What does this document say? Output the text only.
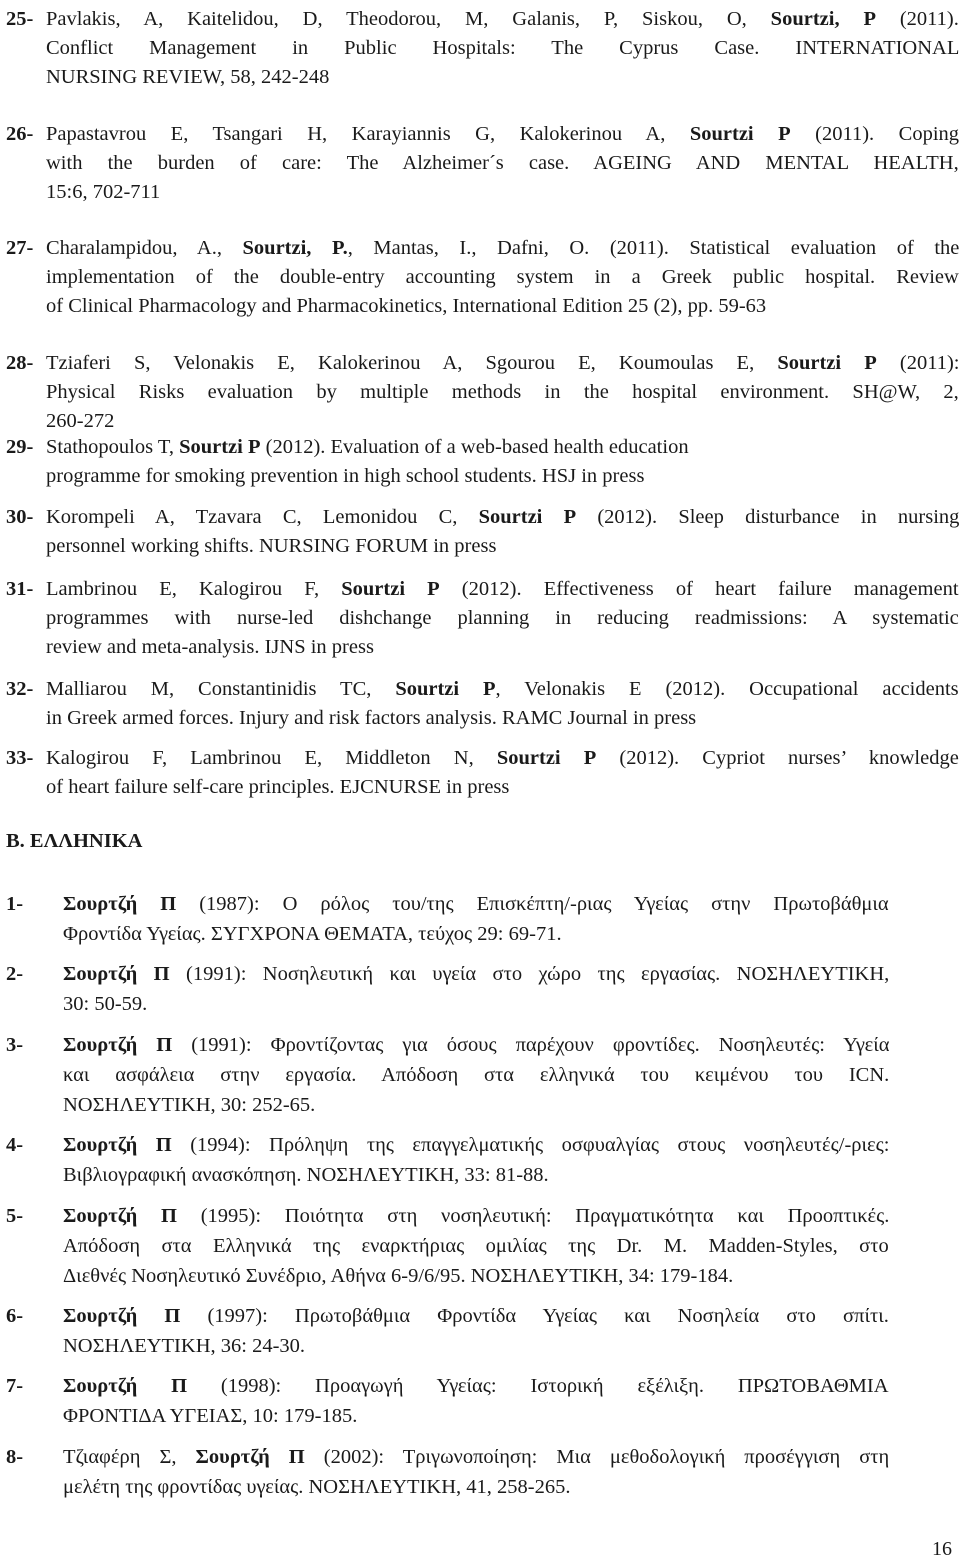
25- Pavlakis, A, Kaitelidou, D, Theodorou, M, Galanis, P, Siskou, O, Sourtzi, P (2011).
Conflict Management in Public Hospitals: The Cyprus Case. INTERNATIONAL
NURSING REVIEW, 58, 242-248
26- Papastavrou E, Tsangari H, Karayiannis G, Kalokerinou A, Sourtzi P (2011). Coping
with the burden of care: The Alzheimer´s case. AGEING AND MENTAL HEALTH,
15:6, 702-711
27- Charalampidou, A., Sourtzi, P., Mantas, I., Dafni, O. (2011). Statistical evaluation of the
implementation of the double-entry accounting system in a Greek public hospital. Review
of Clinical Pharmacology and Pharmacokinetics, International Edition 25 (2), pp. 59-63
28- Tziaferi S, Velonakis E, Kalokerinou A, Sgourou E, Koumoulas E, Sourtzi P (2011):
Physical Risks evaluation by multiple methods in the hospital environment. SH@W, 2,
260-272
29- Stathopoulos T, Sourtzi P (2012). Evaluation of a web-based health education
programme for smoking prevention in high school students. HSJ in press
30- Korompeli A, Tzavara C, Lemonidou C, Sourtzi P (2012). Sleep disturbance in nursing
personnel working shifts. NURSING FORUM in press
31- Lambrinou E, Kalogirou F, Sourtzi P (2012). Effectiveness of heart failure management
programmes with nurse-led dishchange planning in reducing readmissions: A systematic
review and meta-analysis. IJNS in press
32- Malliarou M, Constantinidis TC, Sourtzi P, Velonakis E (2012). Occupational accidents
in Greek armed forces. Injury and risk factors analysis. RAMC Journal in press
33- Kalogirou F, Lambrinou E, Middleton N, Sourtzi P (2012). Cypriot nurses’ knowledge
of heart failure self-care principles. EJCNURSE in press
Β. ΕΛΛΗΝΙΚΑ
1- Σουρτζή Π (1987): Ο ρόλος του/της Επισκέπτη/-ριας Υγείας στην Πρωτοβάθμια
Φροντίδα Υγείας. ΣΥΓΧΡΟΝΑ ΘΕΜΑΤΑ, τεύχος 29: 69-71.
2- Σουρτζή Π (1991): Νοσηλευτική και υγεία στο χώρο της εργασίας. ΝΟΣΗΛΕΥΤΙΚΗ,
30: 50-59.
3- Σουρτζή Π (1991): Φροντίζοντας για όσους παρέχουν φροντίδες. Νοσηλευτές: Υγεία
και ασφάλεια στην εργασία. Απόδοση στα ελληνικά του κειμένου του ICN.
ΝΟΣΗΛΕΥΤΙΚΗ, 30: 252-65.
4- Σουρτζή Π (1994): Πρόληψη της επαγγελματικής οσφυαλγίας στους νοσηλευτές/-ριες:
Βιβλιογραφική ανασκόπηση. ΝΟΣΗΛΕΥΤΙΚΗ, 33: 81-88.
5- Σουρτζή Π (1995): Ποιότητα στη νοσηλευτική: Πραγματικότητα και Προοπτικές.
Απόδοση στα Ελληνικά της εναρκτήριας ομιλίας της Dr. M. Madden-Styles, στο
Διεθνές Νοσηλευτικό Συνέδριο, Αθήνα 6-9/6/95. ΝΟΣΗΛΕΥΤΙΚΗ, 34: 179-184.
6- Σουρτζή Π (1997): Πρωτοβάθμια Φροντίδα Υγείας και Νοσηλεία στο σπίτι.
ΝΟΣΗΛΕΥΤΙΚΗ, 36: 24-30.
7- Σουρτζή Π (1998): Προαγωγή Υγείας: Ιστορική εξέλιξη. ΠΡΩΤΟΒΑΘΜΙΑ
ΦΡΟΝΤΙΔΑ ΥΓΕΙΑΣ, 10: 179-185.
8- Τζιαφέρη Σ, Σουρτζή Π (2002): Τριγωνοποίηση: Μια μεθοδολογική προσέγγιση στη
μελέτη της φροντίδας υγείας. ΝΟΣΗΛΕΥΤΙΚΗ, 41, 258-265.
16
